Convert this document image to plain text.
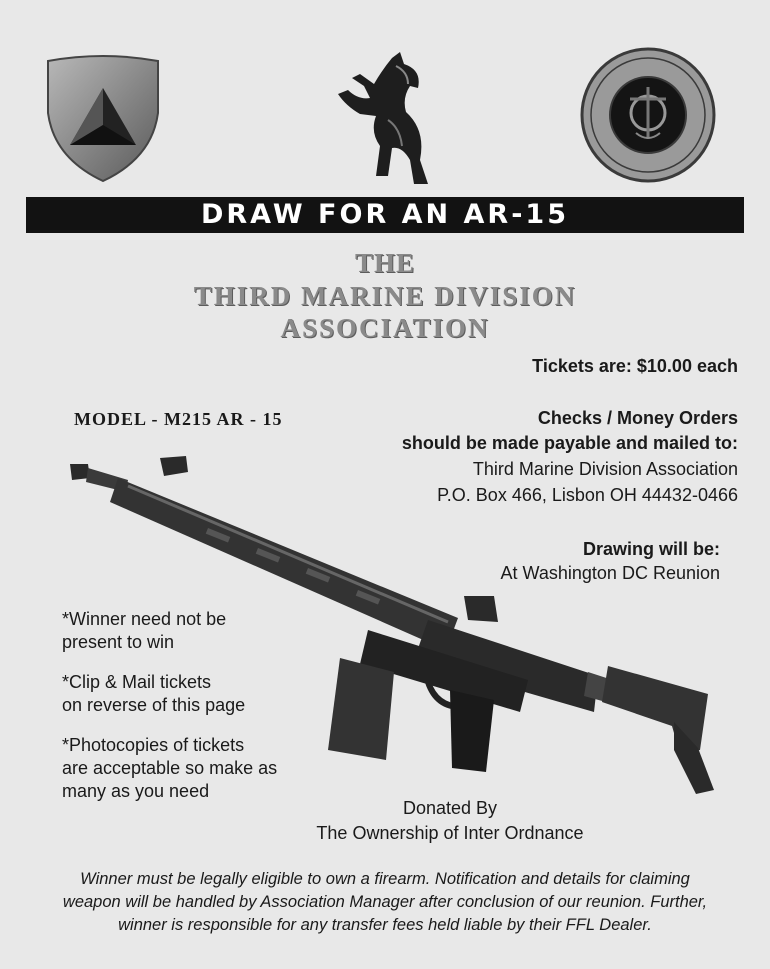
DRAW FOR AN AR-15
THE
THIRD MARINE DIVISION
ASSOCIATION
Tickets are: $10.00 each
MODEL - M215 AR - 15	Checks / Money Orders
should be made payable and mailed to:
Third Marine Division Association
P.O. Box 466, Lisbon OH 44432-0466
Drawing will be:
At Washington DC Reunion
*Winner need not be
present to win
*Clip & Mail tickets
on reverse of this page
*Photocopies of tickets
are acceptable so make as
many as you need
Donated By
The Ownership of Inter Ordnance
Winner must be legally eligible to own a firearm. Notification and details for claiming
weapon will be handled by Association Manager after conclusion of our reunion. Further,
winner is responsible for any transfer fees held liable by their FFL Dealer.
